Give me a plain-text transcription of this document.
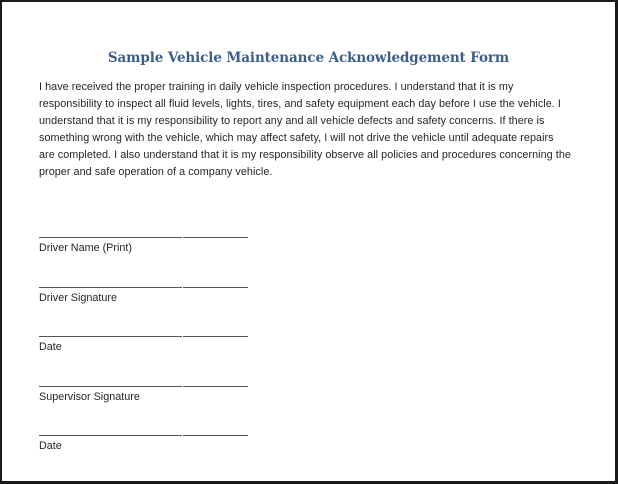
Sample Vehicle Maintenance Acknowledgement Form
I have received the proper training in daily vehicle inspection procedures. I understand that it is my
responsibility to inspect all fluid levels, lights, tires, and safety equipment each day before I use the vehicle. I
understand that it is my responsibility to report any and all vehicle defects and safety concerns. If there is
something wrong with the vehicle, which may affect safety, I will not drive the vehicle until adequate repairs
are completed. I also understand that it is my responsibility observe all policies and procedures concerning the
proper and safe operation of a company vehicle.
Driver Name (Print)
Driver Signature
Date
Supervisor Signature
Date
